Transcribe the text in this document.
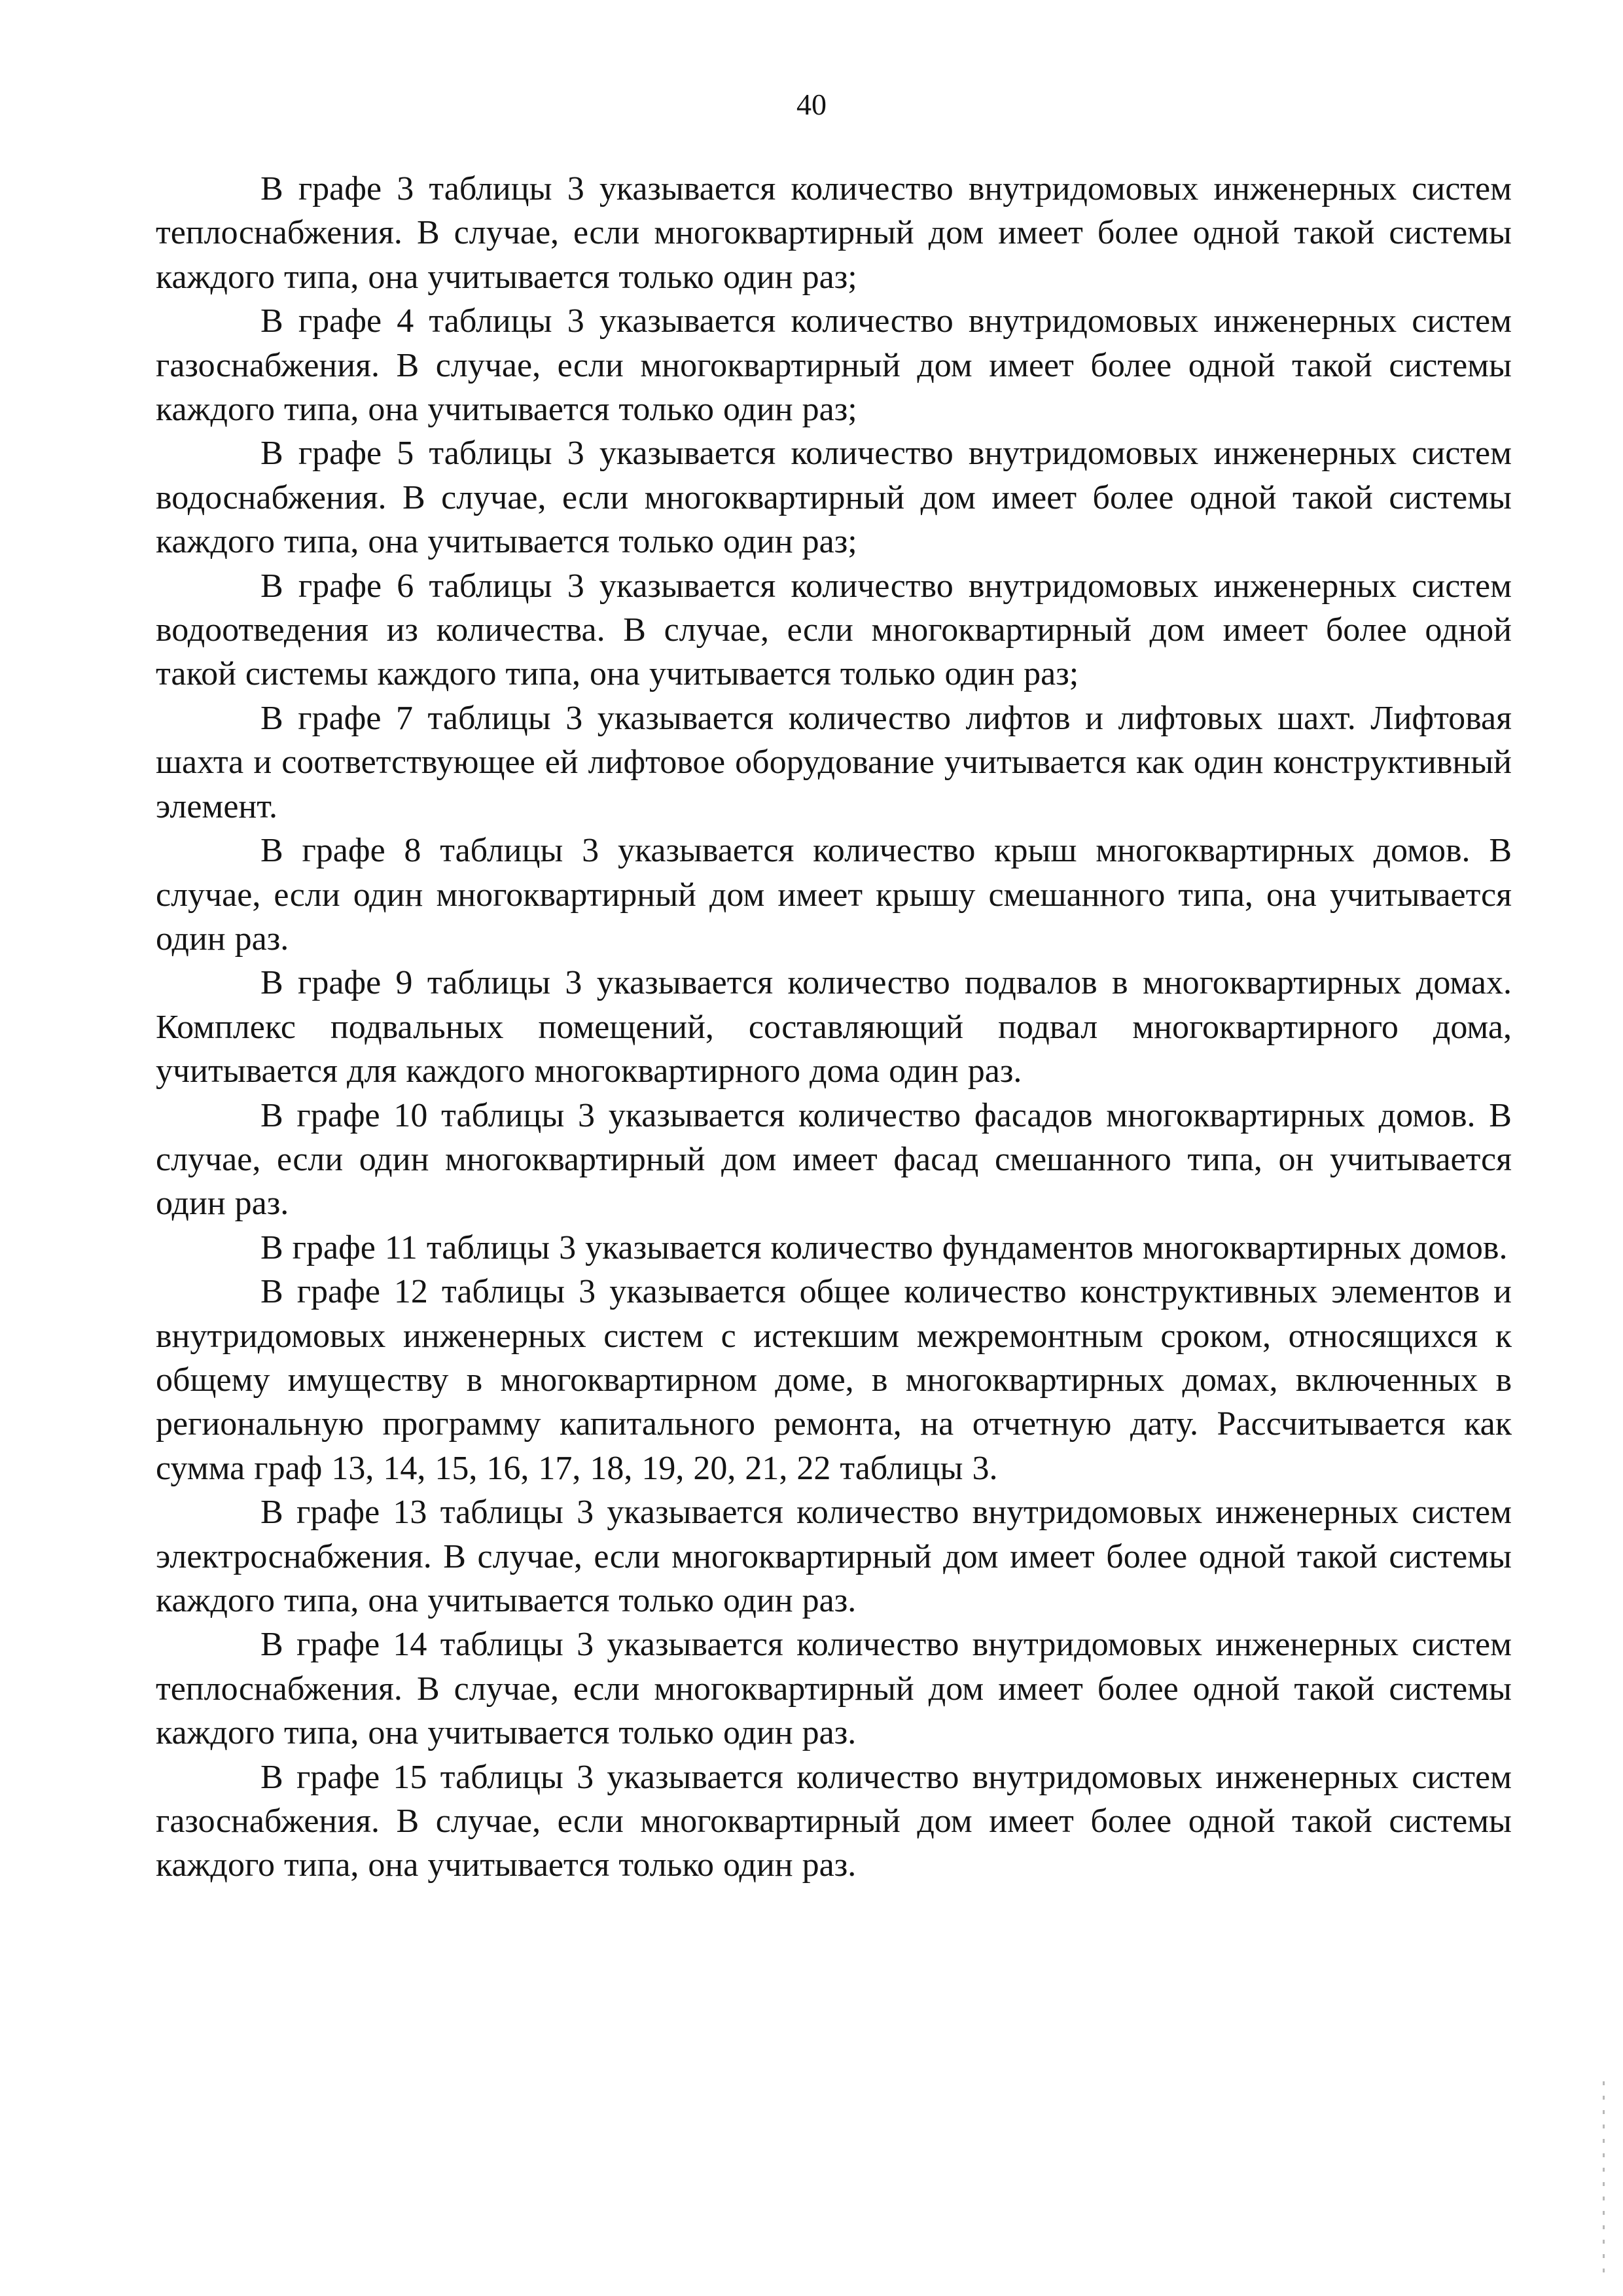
40

В графе 3 таблицы 3 указывается количество внутридомовых инженерных систем теплоснабжения. В случае, если многоквартирный дом имеет более одной такой системы каждого типа, она учитывается только один раз;

В графе 4 таблицы 3 указывается количество внутридомовых инженерных систем газоснабжения. В случае, если многоквартирный дом имеет более одной такой системы каждого типа, она учитывается только один раз;

В графе 5 таблицы 3 указывается количество внутридомовых инженерных систем водоснабжения. В случае, если многоквартирный дом имеет более одной такой системы каждого типа, она учитывается только один раз;

В графе 6 таблицы 3 указывается количество внутридомовых инженерных систем водоотведения из количества. В случае, если многоквартирный дом имеет более одной такой системы каждого типа, она учитывается только один раз;

В графе 7 таблицы 3 указывается количество лифтов и лифтовых шахт. Лифтовая шахта и соответствующее ей лифтовое оборудование учитывается как один конструктивный элемент.

В графе 8 таблицы 3 указывается количество крыш многоквартирных домов. В случае, если один многоквартирный дом имеет крышу смешанного типа, она учитывается один раз.

В графе 9 таблицы 3 указывается количество подвалов в многоквартирных домах. Комплекс подвальных помещений, составляющий подвал многоквартирного дома, учитывается для каждого многоквартирного дома один раз.

В графе 10 таблицы 3 указывается количество фасадов многоквартирных домов. В случае, если один многоквартирный дом имеет фасад смешанного типа, он учитывается один раз.

В графе 11 таблицы 3 указывается количество фундаментов многоквартирных домов.

В графе 12 таблицы 3 указывается общее количество конструктивных элементов и внутридомовых инженерных систем с истекшим межремонтным сроком, относящихся к общему имуществу в многоквартирном доме, в многоквартирных домах, включенных в региональную программу капитального ремонта, на отчетную дату. Рассчитывается как сумма граф 13, 14, 15, 16, 17, 18, 19, 20, 21, 22 таблицы 3.

В графе 13 таблицы 3 указывается количество внутридомовых инженерных систем электроснабжения. В случае, если многоквартирный дом имеет более одной такой системы каждого типа, она учитывается только один раз.

В графе 14 таблицы 3 указывается количество внутридомовых инженерных систем теплоснабжения. В случае, если многоквартирный дом имеет более одной такой системы каждого типа, она учитывается только один раз.

В графе 15 таблицы 3 указывается количество внутридомовых инженерных систем газоснабжения. В случае, если многоквартирный дом имеет более одной такой системы каждого типа, она учитывается только один раз.
